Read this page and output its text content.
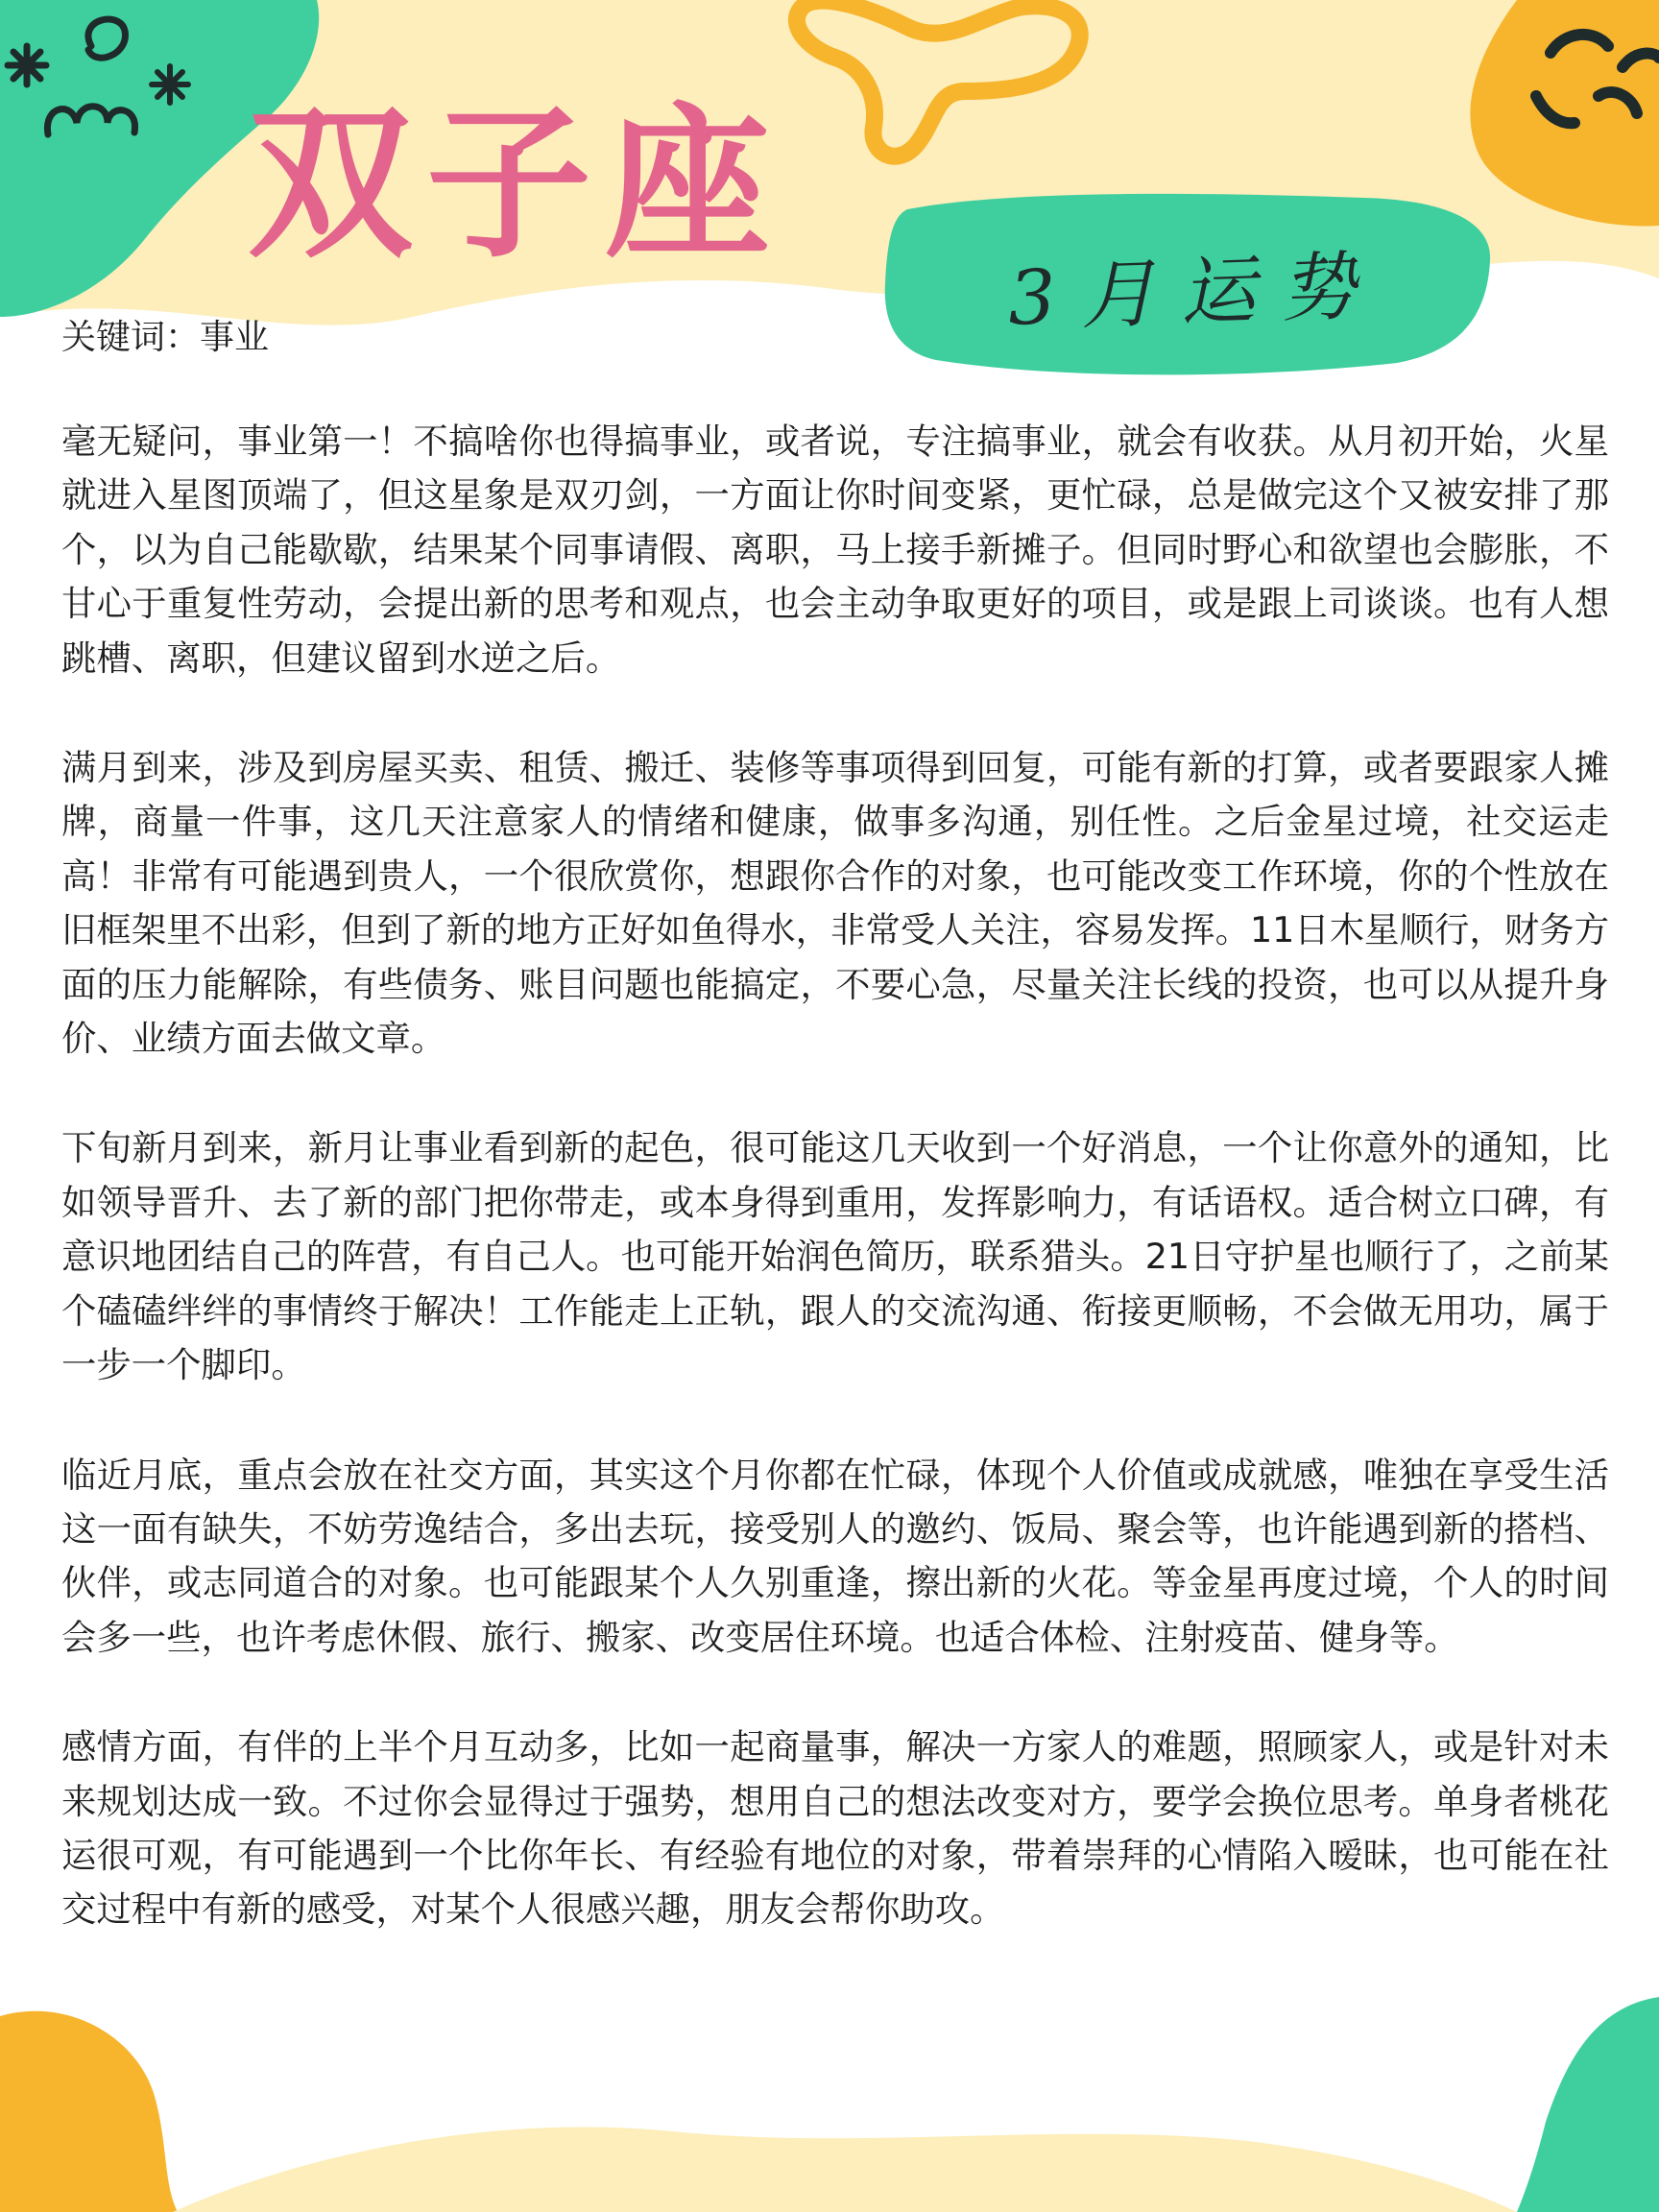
双子座
3月运势

关键词：事业

毫无疑问，事业第一！不搞啥你也得搞事业，或者说，专注搞事业，就会有收获。从月初开始，火星就进入星图顶端了，但这星象是双刃剑，一方面让你时间变紧，更忙碌，总是做完这个又被安排了那个，以为自己能歇歇，结果某个同事请假、离职，马上接手新摊子。但同时野心和欲望也会膨胀，不甘心于重复性劳动，会提出新的思考和观点，也会主动争取更好的项目，或是跟上司谈谈。也有人想跳槽、离职，但建议留到水逆之后。

满月到来，涉及到房屋买卖、租赁、搬迁、装修等事项得到回复，可能有新的打算，或者要跟家人摊牌，商量一件事，这几天注意家人的情绪和健康，做事多沟通，别任性。之后金星过境，社交运走高！非常有可能遇到贵人，一个很欣赏你，想跟你合作的对象，也可能改变工作环境，你的个性放在旧框架里不出彩，但到了新的地方正好如鱼得水，非常受人关注，容易发挥。11日木星顺行，财务方面的压力能解除，有些债务、账目问题也能搞定，不要心急，尽量关注长线的投资，也可以从提升身价、业绩方面去做文章。

下旬新月到来，新月让事业看到新的起色，很可能这几天收到一个好消息，一个让你意外的通知，比如领导晋升、去了新的部门把你带走，或本身得到重用，发挥影响力，有话语权。适合树立口碑，有意识地团结自己的阵营，有自己人。也可能开始润色简历，联系猎头。21日守护星也顺行了，之前某个磕磕绊绊的事情终于解决！工作能走上正轨，跟人的交流沟通、衔接更顺畅，不会做无用功，属于一步一个脚印。

临近月底，重点会放在社交方面，其实这个月你都在忙碌，体现个人价值或成就感，唯独在享受生活这一面有缺失，不妨劳逸结合，多出去玩，接受别人的邀约、饭局、聚会等，也许能遇到新的搭档、伙伴，或志同道合的对象。也可能跟某个人久别重逢，擦出新的火花。等金星再度过境，个人的时间会多一些，也许考虑休假、旅行、搬家、改变居住环境。也适合体检、注射疫苗、健身等。

感情方面，有伴的上半个月互动多，比如一起商量事，解决一方家人的难题，照顾家人，或是针对未来规划达成一致。不过你会显得过于强势，想用自己的想法改变对方，要学会换位思考。单身者桃花运很可观，有可能遇到一个比你年长、有经验有地位的对象，带着崇拜的心情陷入暧昧，也可能在社交过程中有新的感受，对某个人很感兴趣，朋友会帮你助攻。
